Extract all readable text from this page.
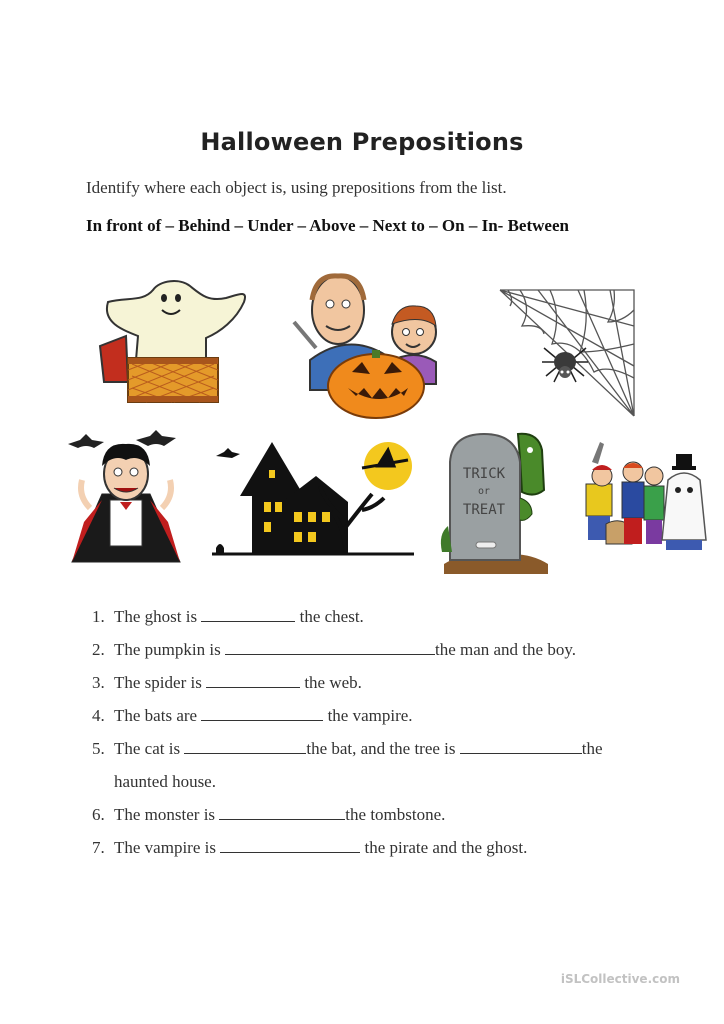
Halloween Prepositions
Identify where each object is, using prepositions from the list.
In front of – Behind – Under – Above – Next to – On – In- Between
TRICK
or
TREAT
1. The ghost is	the chest.
2. The pumpkin is	the man and the boy.
3. The spider is	the web.
4. The bats are	the vampire.
5. The cat is	the bat, and the tree is	the
haunted house.
6. The monster is	the tombstone.
7. The vampire is	the pirate and the ghost.
iSLCollective.com
